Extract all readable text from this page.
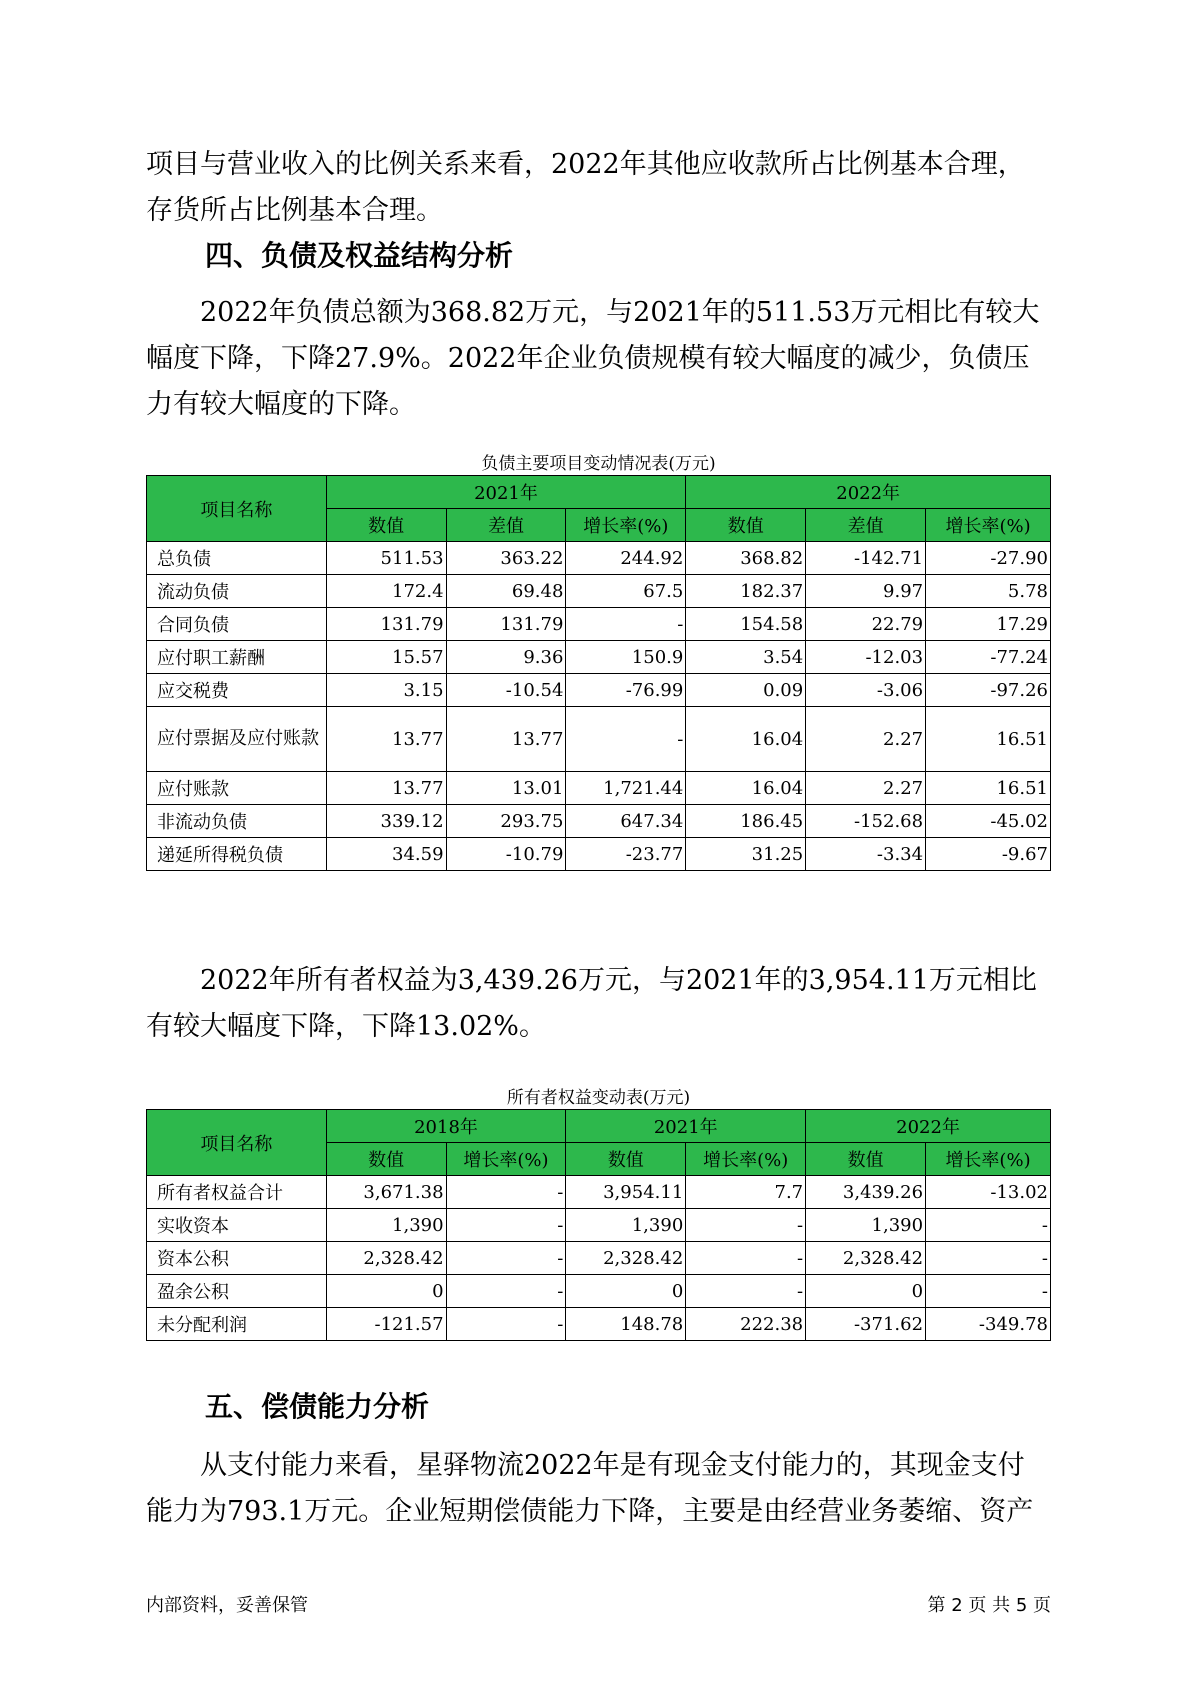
项目与营业收入的比例关系来看，2022年其他应收款所占比例基本合理，存货所占比例基本合理。

四、负债及权益结构分析

2022年负债总额为368.82万元，与2021年的511.53万元相比有较大幅度下降，下降27.9%。2022年企业负债规模有较大幅度的减少，负债压力有较大幅度的下降。

负债主要项目变动情况表(万元)
项目名称	2021年			2022年		
	数值	差值	增长率(%)	数值	差值	增长率(%)
总负债	511.53	363.22	244.92	368.82	-142.71	-27.90
流动负债	172.4	69.48	67.5	182.37	9.97	5.78
合同负债	131.79	131.79	-	154.58	22.79	17.29
应付职工薪酬	15.57	9.36	150.9	3.54	-12.03	-77.24
应交税费	3.15	-10.54	-76.99	0.09	-3.06	-97.26
应付票据及应付账款	13.77	13.77	-	16.04	2.27	16.51
应付账款	13.77	13.01	1,721.44	16.04	2.27	16.51
非流动负债	339.12	293.75	647.34	186.45	-152.68	-45.02
递延所得税负债	34.59	-10.79	-23.77	31.25	-3.34	-9.67

2022年所有者权益为3,439.26万元，与2021年的3,954.11万元相比有较大幅度下降，下降13.02%。

所有者权益变动表(万元)
项目名称	2018年		2021年		2022年	
	数值	增长率(%)	数值	增长率(%)	数值	增长率(%)
所有者权益合计	3,671.38	-	3,954.11	7.7	3,439.26	-13.02
实收资本	1,390	-	1,390	-	1,390	-
资本公积	2,328.42	-	2,328.42	-	2,328.42	-
盈余公积	0	-	0	-	0	-
未分配利润	-121.57	-	148.78	222.38	-371.62	-349.78
五、偿债能力分析

从支付能力来看，星驿物流2022年是有现金支付能力的，其现金支付能力为793.1万元。企业短期偿债能力下降，主要是由经营业务萎缩、资产

内部资料，妥善保管	第 2 页 共 5 页
